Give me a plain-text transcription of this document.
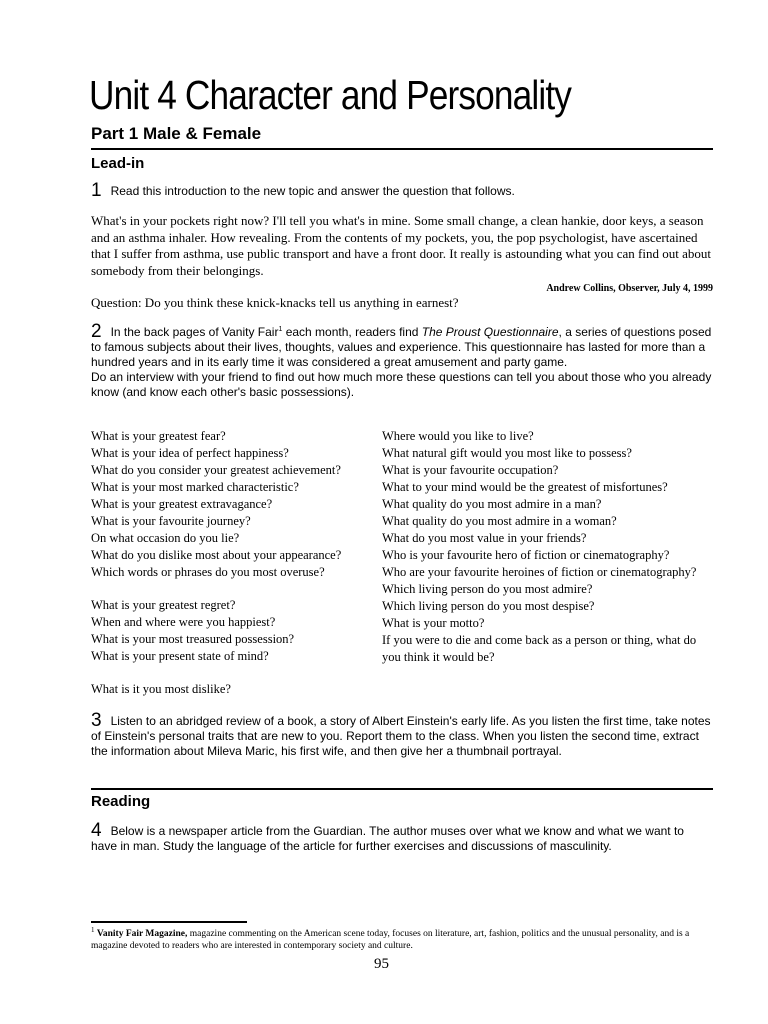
Unit 4 Character and Personality
Part 1 Male & Female
Lead-in

1 Read this introduction to the new topic and answer the question that follows.

What's in your pockets right now? I'll tell you what's in mine. Some small change, a clean hankie, door keys, a season and an asthma inhaler. How revealing. From the contents of my pockets, you, the pop psychologist, have ascertained that I suffer from asthma, use public transport and have a front door. It really is astounding what you can find out about somebody from their belongings.

Andrew Collins, Observer, July 4, 1999

Question: Do you think these knick-knacks tell us anything in earnest?

2 In the back pages of Vanity Fair$^1$ each month, readers find The Proust Questionnaire, a series of questions posed to famous subjects about their lives, thoughts, values and experience. This questionnaire has lasted for more than a hundred years and in its early time it was considered a great amusement and party game.
Do an interview with your friend to find out how much more these questions can tell you about those who you already know (and know each other's basic possessions).

What is your greatest fear?
What is your idea of perfect happiness?
What do you consider your greatest achievement?
What is your most marked characteristic?
What is your greatest extravagance?
What is your favourite journey?
On what occasion do you lie?
What do you dislike most about your appearance?
Which words or phrases do you most overuse?
What is your greatest regret?
When and where were you happiest?
What is your most treasured possession?
What is your present state of mind?
What is it you most dislike?
Where would you like to live?
What natural gift would you most like to possess?
What is your favourite occupation?
What to your mind would be the greatest of misfortunes?
What quality do you most admire in a man?
What quality do you most admire in a woman?
What do you most value in your friends?
Who is your favourite hero of fiction or cinematography?
Who are your favourite heroines of fiction or cinematography?
Which living person do you most admire?
Which living person do you most despise?
What is your motto?
If you were to die and come back as a person or thing, what do you think it would be?

3 Listen to an abridged review of a book, a story of Albert Einstein's early life. As you listen the first time, take notes of Einstein's personal traits that are new to you. Report them to the class. When you listen the second time, extract the information about Mileva Maric, his first wife, and then give her a thumbnail portrayal.

Reading

4 Below is a newspaper article from the Guardian. The author muses over what we know and what we want to have in man. Study the language of the article for further exercises and discussions of masculinity.

$^1$ Vanity Fair Magazine, magazine commenting on the American scene today, focuses on literature, art, fashion, politics and the unusual personality, and is a magazine devoted to readers who are interested in contemporary society and culture.

95
